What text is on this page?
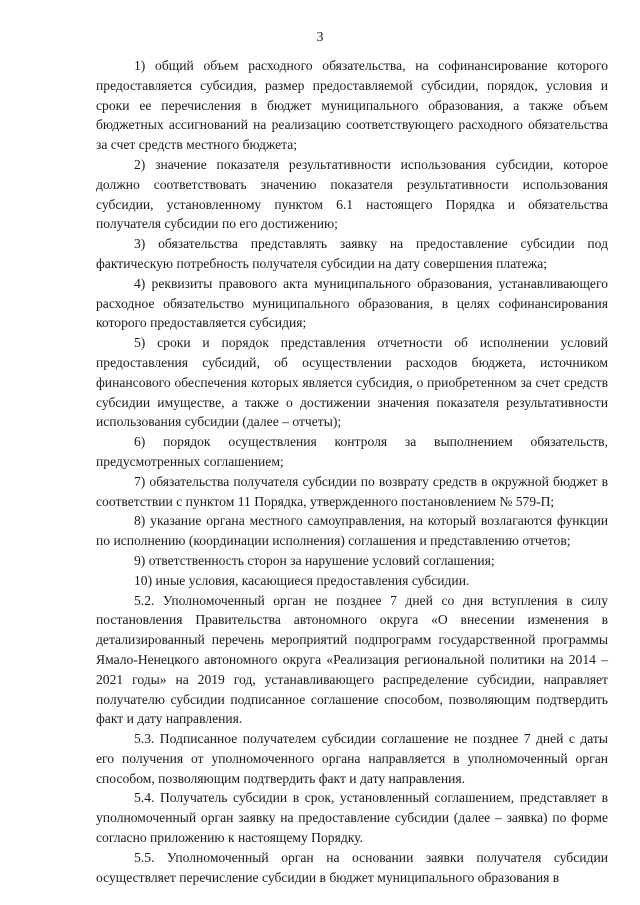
3

1) общий объем расходного обязательства, на софинансирование которого предоставляется субсидия, размер предоставляемой субсидии, порядок, условия и сроки ее перечисления в бюджет муниципального образования, а также объем бюджетных ассигнований на реализацию соответствующего расходного обязательства за счет средств местного бюджета;

2) значение показателя результативности использования субсидии, которое должно соответствовать значению показателя результативности использования субсидии, установленному пунктом 6.1 настоящего Порядка и обязательства получателя субсидии по его достижению;

3) обязательства представлять заявку на предоставление субсидии под фактическую потребность получателя субсидии на дату совершения платежа;

4) реквизиты правового акта муниципального образования, устанавливающего расходное обязательство муниципального образования, в целях софинансирования которого предоставляется субсидия;

5) сроки и порядок представления отчетности об исполнении условий предоставления субсидий, об осуществлении расходов бюджета, источником финансового обеспечения которых является субсидия, о приобретенном за счет средств субсидии имуществе, а также о достижении значения показателя результативности использования субсидии (далее – отчеты);

6) порядок осуществления контроля за выполнением обязательств, предусмотренных соглашением;

7) обязательства получателя субсидии по возврату средств в окружной бюджет в соответствии с пунктом 11 Порядка, утвержденного постановлением № 579-П;

8) указание органа местного самоуправления, на который возлагаются функции по исполнению (координации исполнения) соглашения и представлению отчетов;

9) ответственность сторон за нарушение условий соглашения;

10) иные условия, касающиеся предоставления субсидии.

5.2. Уполномоченный орган не позднее 7 дней со дня вступления в силу постановления Правительства автономного округа «О внесении изменения в детализированный перечень мероприятий подпрограмм государственной программы Ямало-Ненецкого автономного округа «Реализация региональной политики на 2014 – 2021 годы» на 2019 год, устанавливающего распределение субсидии, направляет получателю субсидии подписанное соглашение способом, позволяющим подтвердить факт и дату направления.

5.3. Подписанное получателем субсидии соглашение не позднее 7 дней с даты его получения от уполномоченного органа направляется в уполномоченный орган способом, позволяющим подтвердить факт и дату направления.

5.4. Получатель субсидии в срок, установленный соглашением, представляет в уполномоченный орган заявку на предоставление субсидии (далее – заявка) по форме согласно приложению к настоящему Порядку.

5.5. Уполномоченный орган на основании заявки получателя субсидии осуществляет перечисление субсидии в бюджет муниципального образования в
